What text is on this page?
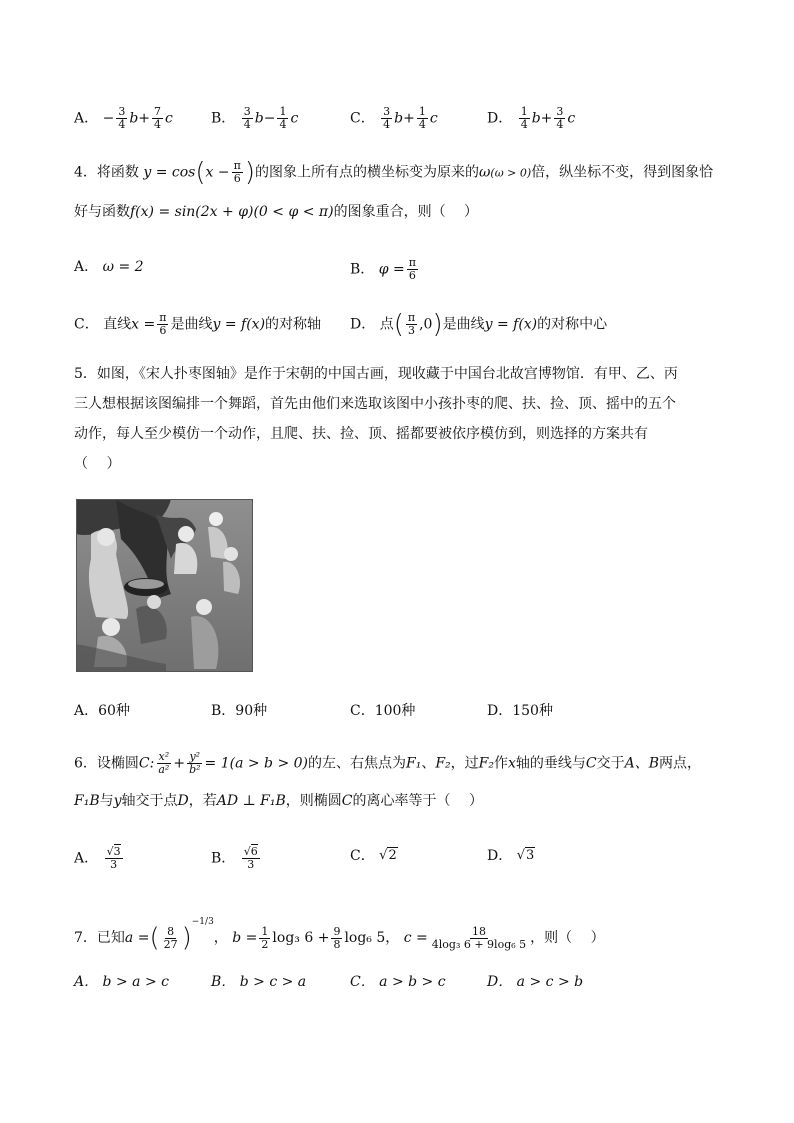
A． − $\frac{3}{4} b+ \frac{7}{4}$ c	B． $\frac{3}{4} b- \frac{1}{4}$ c	C． $\frac{3}{4} b+ \frac{1}{4}$ c	D． $\frac{1}{4} b+ \frac{3}{4}$ c
4．将函数 $y = \cos(x - \frac{\pi}{6}$ )的图象上所有点的横坐标变为原来的ω(ω > 0)倍，纵坐标不变，得到图象恰
好与函数f(x) = sin(2x + φ)(0 < φ < π)的图象重合，则（　 ）
A． ω = 2	B． $\varphi = \frac{\pi}{6}$
C． 直线$x = \frac{\pi}{6}$ 是曲线y = f(x)的对称轴 D． 点( $\frac{\pi}{3} ,0$)是曲线y = f(x)的对称中心
5．如图，《宋人扑枣图轴》是作于宋朝的中国古画，现收藏于中国台北故宫博物馆．有甲、乙、丙
三人想根据该图编排一个舞蹈，首先由他们来选取该图中小孩扑枣的爬、扶、捡、顶、摇中的五个
动作，每人至少模仿一个动作，且爬、扶、捡、顶、摇都要被依序模仿到，则选择的方案共有
（　 ）
A．60种	B．90种	C．100种	D．150种
6．设椭圆C: $\frac{\text{x²}}{\text{a²}} + \frac{\text{y²}}{\text{b²}} = 1(a > b > 0)$的左、右焦点为F₁、F₂，过F₂作x轴的垂线与C交于A、B两点，
F₁B与y轴交于点D，若AD ⊥ F₁B，则椭圆C的离心率等于（　 ）
A． $\frac{√3}{3}$	B． $\frac{√6}{3}$	C． √2	D． √3
7．已知a =( $\frac{8}{27} )^{-1/3}$， $b = \frac{1}{2} \log_3$ $6 + \frac{9}{8} \log_6$ 5， $c = \frac{18}{\text{4log₃ 6 + 9log₆ 5}}$ ，则（　 ）
A． b > a > c	B． b > c > a	C． a > b > c	D． a > c > b
